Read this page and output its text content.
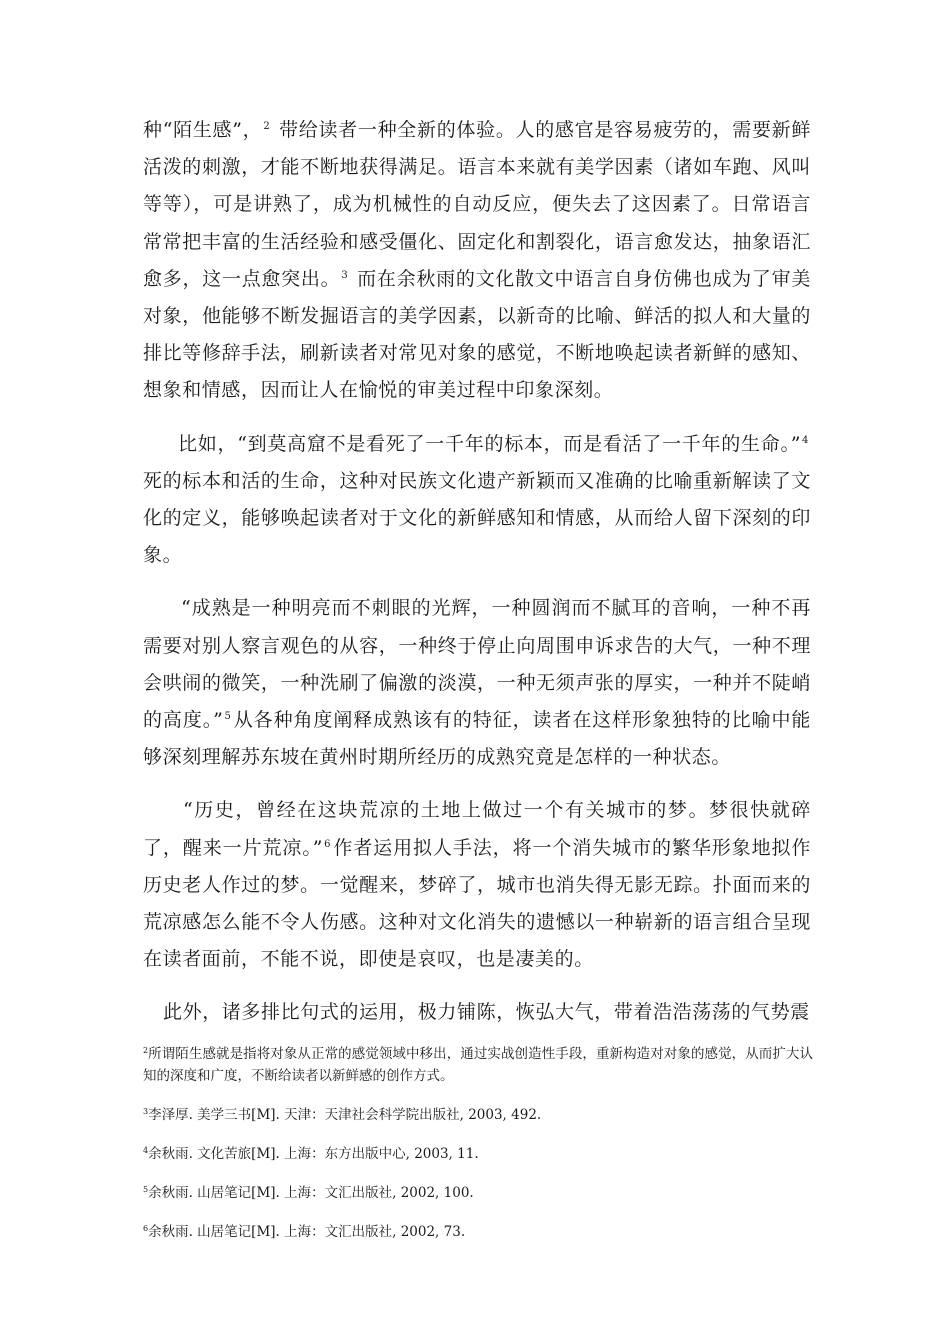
种“陌生感”，$^2$ 带给读者一种全新的体验。人的感官是容易疲劳的，需要新鲜活泼的刺激，才能不断地获得满足。语言本来就有美学因素（诸如车跑、风叫等等），可是讲熟了，成为机械性的自动反应，便失去了这因素了。日常语言常常把丰富的生活经验和感受僵化、固定化和割裂化，语言愈发达，抽象语汇愈多，这一点愈突出。$^3$ 而在余秋雨的文化散文中语言自身仿佛也成为了审美对象，他能够不断发掘语言的美学因素，以新奇的比喻、鲜活的拟人和大量的排比等修辞手法，刷新读者对常见对象的感觉，不断地唤起读者新鲜的感知、想象和情感，因而让人在愉悦的审美过程中印象深刻。

比如，“到莫高窟不是看死了一千年的标本，而是看活了一千年的生命。”$^4$死的标本和活的生命，这种对民族文化遗产新颖而又准确的比喻重新解读了文化的定义，能够唤起读者对于文化的新鲜感知和情感，从而给人留下深刻的印象。

“成熟是一种明亮而不刺眼的光辉，一种圆润而不腻耳的音响，一种不再需要对别人察言观色的从容，一种终于停止向周围申诉求告的大气，一种不理会哄闹的微笑，一种洗刷了偏激的淡漠，一种无须声张的厚实，一种并不陡峭的高度。”$^5$ 从各种角度阐释成熟该有的特征，读者在这样形象独特的比喻中能够深刻理解苏东坡在黄州时期所经历的成熟究竟是怎样的一种状态。

“历史，曾经在这块荒凉的土地上做过一个有关城市的梦。梦很快就碎了，醒来一片荒凉。”$^6$ 作者运用拟人手法，将一个消失城市的繁华形象地拟作历史老人作过的梦。一觉醒来，梦碎了，城市也消失得无影无踪。扑面而来的荒凉感怎么能不令人伤感。这种对文化消失的遗憾以一种崭新的语言组合呈现在读者面前，不能不说，即使是哀叹，也是凄美的。

此外，诸多排比句式的运用，极力铺陈，恢弘大气，带着浩浩荡荡的气势震

$^2$所谓陌生感就是指将对象从正常的感觉领域中移出，通过实战创造性手段，重新构造对对象的感觉，从而扩大认知的深度和广度，不断给读者以新鲜感的创作方式。

$^3$李泽厚. 美学三书[M]. 天津：天津社会科学院出版社, 2003, 492.

$^4$余秋雨. 文化苦旅[M]. 上海：东方出版中心, 2003, 11.

$^5$余秋雨. 山居笔记[M]. 上海：文汇出版社, 2002, 100.

$^6$余秋雨. 山居笔记[M]. 上海：文汇出版社, 2002, 73.
